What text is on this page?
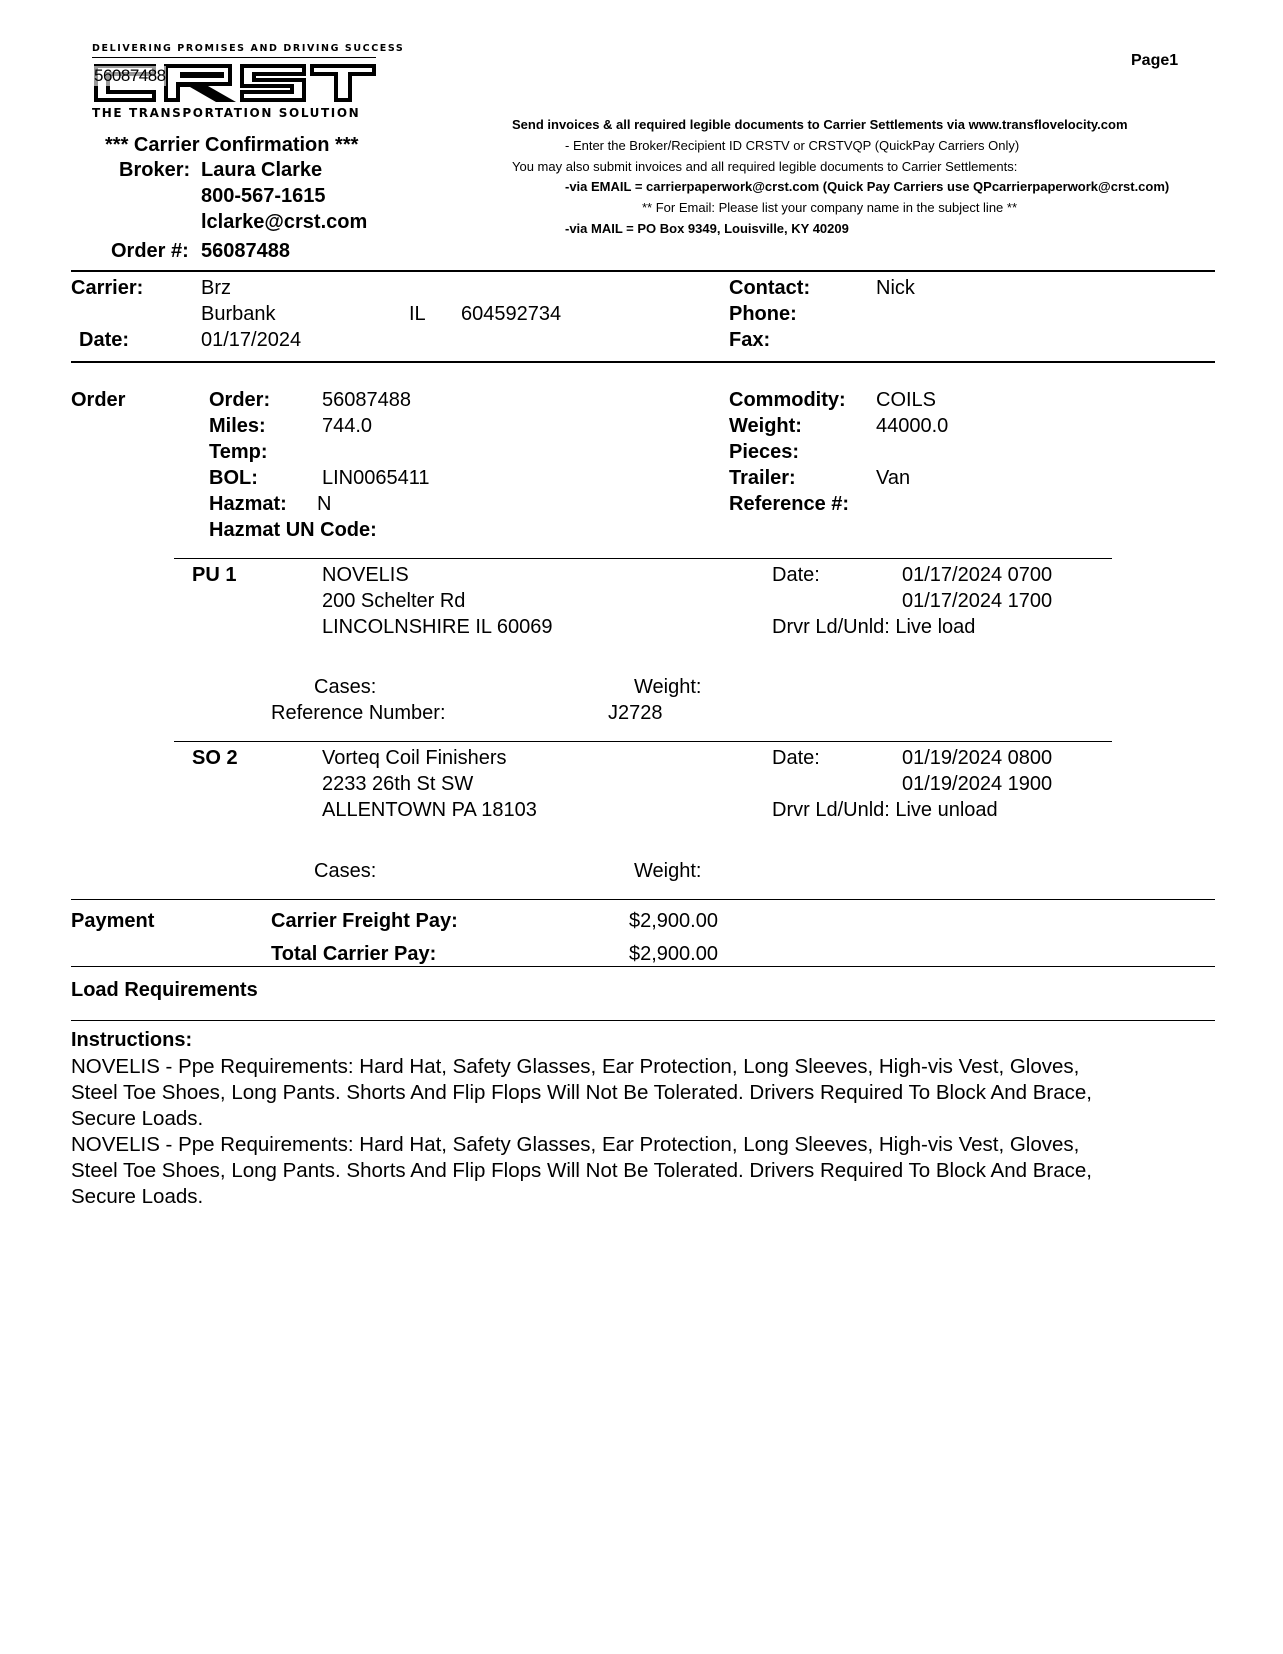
DELIVERING PROMISES AND DRIVING SUCCESS
56087488
THE TRANSPORTATION SOLUTION
Page1
*** Carrier Confirmation ***
Broker: Laura Clarke
800-567-1615
lclarke@crst.com
Order #: 56087488
Send invoices & all required legible documents to Carrier Settlements via www.transflovelocity.com
- Enter the Broker/Recipient ID CRSTV or CRSTVQP (QuickPay Carriers Only)
You may also submit invoices and all required legible documents to Carrier Settlements:
-via EMAIL = carrierpaperwork@crst.com (Quick Pay Carriers use QPcarrierpaperwork@crst.com)
** For Email: Please list your company name in the subject line **
-via MAIL = PO Box 9349, Louisville, KY 40209
Carrier:	Brz
Burbank	IL 604592734
Date:	01/17/2024
Contact:	Nick
Phone:
Fax:
Order	Order:	56087488
Miles:	744.0
Temp:
BOL:	LIN0065411
Hazmat: N
Hazmat UN Code:
Commodity: COILS
Weight:	44000.0
Pieces:
Trailer:	Van
Reference #:
PU 1	NOVELIS
200 Schelter Rd
LINCOLNSHIRE IL 60069
Date:	01/17/2024 0700
01/17/2024 1700
Drvr Ld/Unld: Live load
Cases:	Weight:
Reference Number:	J2728
SO 2	Vorteq Coil Finishers
2233 26th St SW
ALLENTOWN PA 18103
Date:	01/19/2024 0800
01/19/2024 1900
Drvr Ld/Unld: Live unload
Cases:	Weight:
Payment	Carrier Freight Pay:	$2,900.00
Total Carrier Pay:	$2,900.00
Load Requirements
Instructions:

NOVELIS - Ppe Requirements: Hard Hat, Safety Glasses, Ear Protection, Long Sleeves, High-vis Vest, Gloves, Steel Toe Shoes, Long Pants. Shorts And Flip Flops Will Not Be Tolerated. Drivers Required To Block And Brace, Secure Loads.

NOVELIS - Ppe Requirements: Hard Hat, Safety Glasses, Ear Protection, Long Sleeves, High-vis Vest, Gloves, Steel Toe Shoes, Long Pants. Shorts And Flip Flops Will Not Be Tolerated. Drivers Required To Block And Brace, Secure Loads.
